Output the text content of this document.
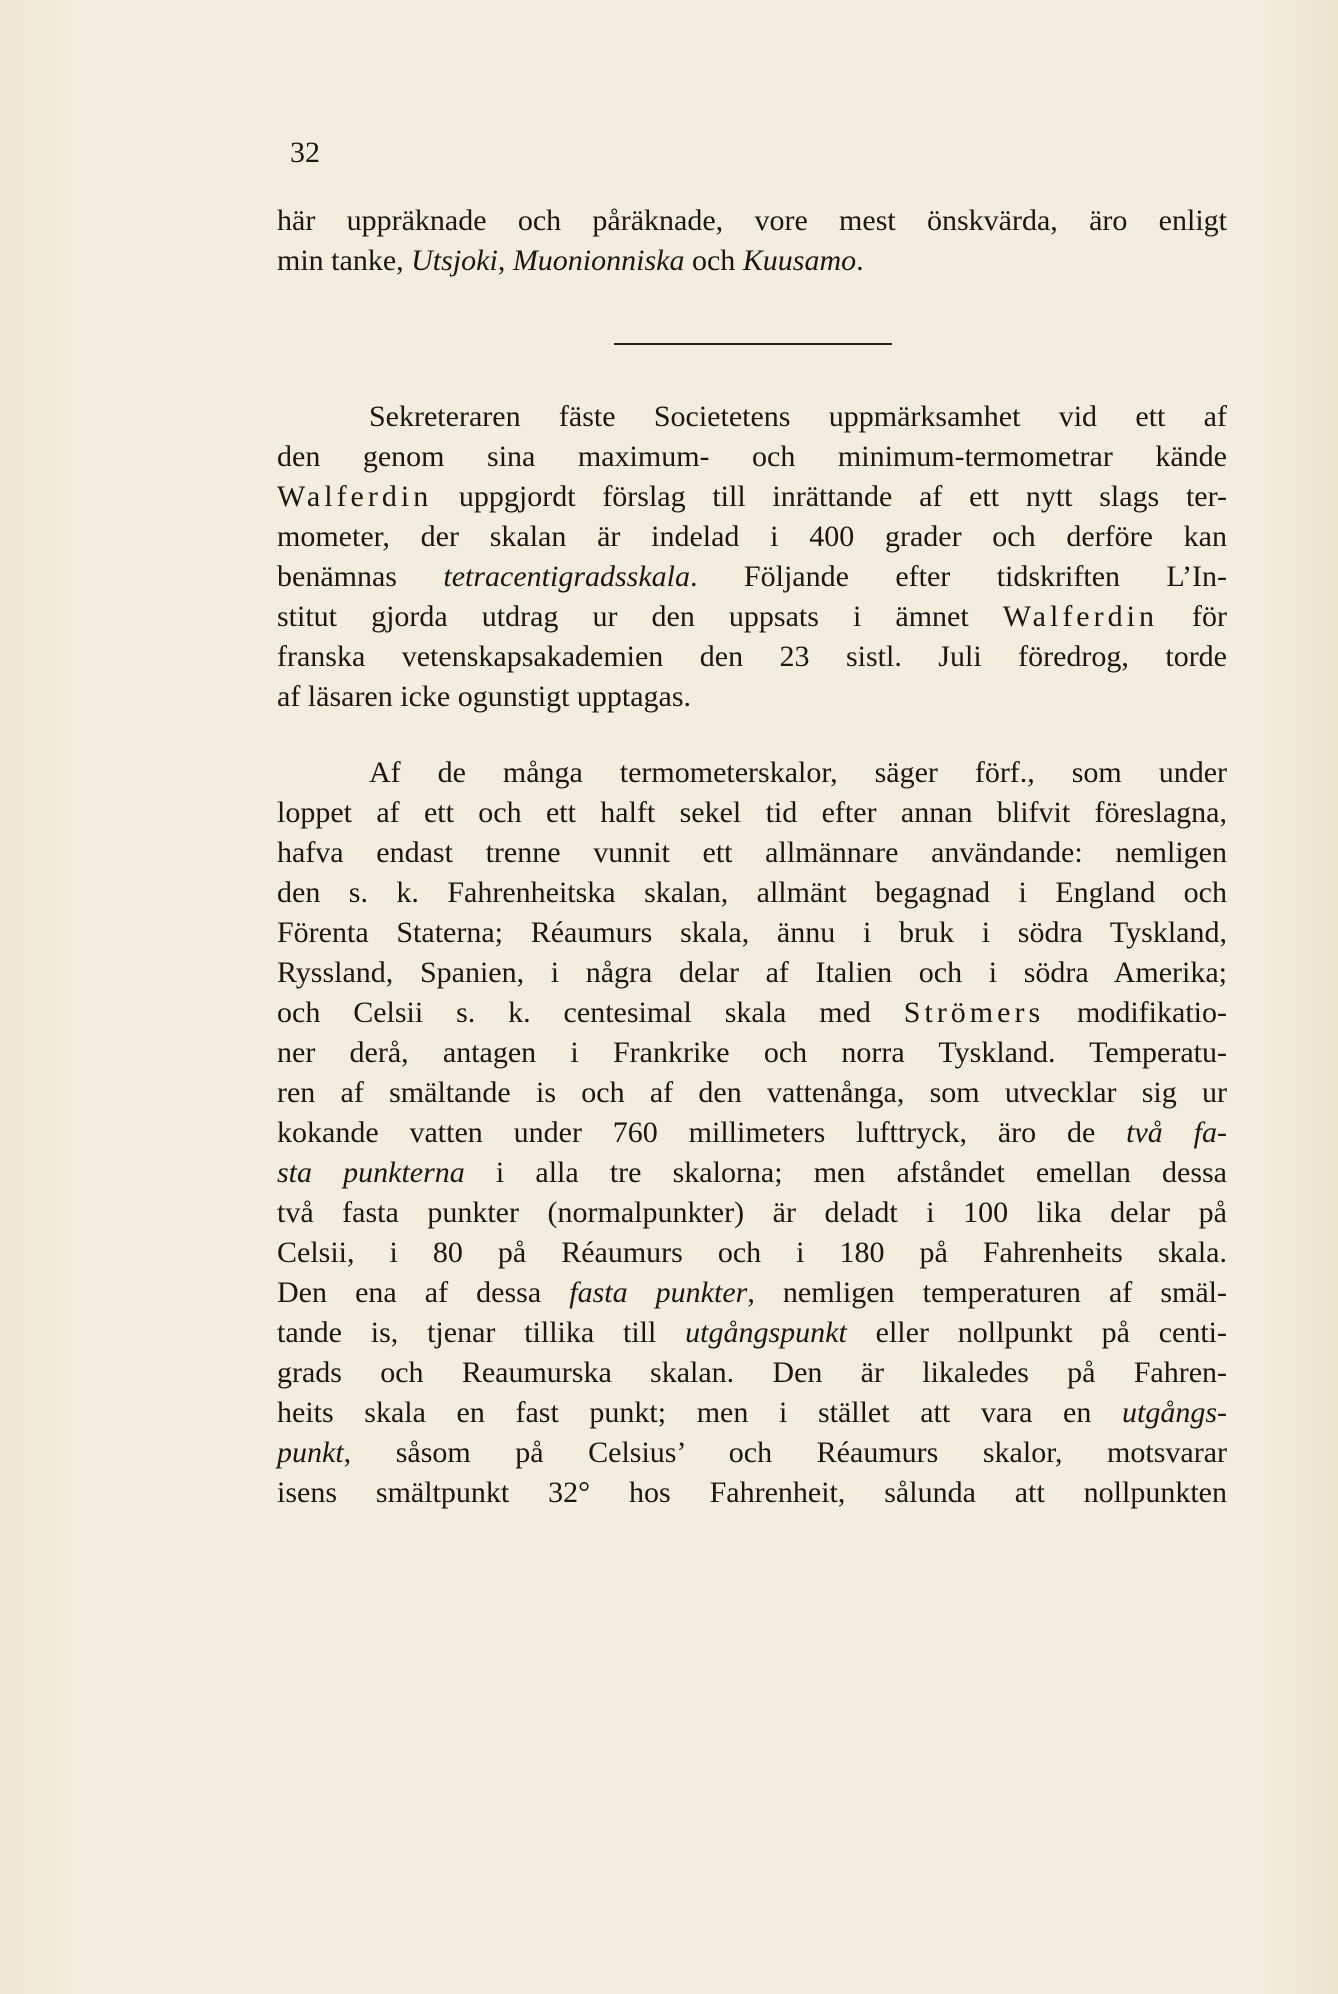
32
här uppräknade och påräknade, vore mest önskvärda, äro enligt
min tanke, Utsjoki, Muonionniska och Kuusamo.
Sekreteraren fäste Societetens uppmärksamhet vid ett af
den genom sina maximum- och minimum-termometrar kände
Walferdin uppgjordt förslag till inrättande af ett nytt slags ter-
mometer, der skalan är indelad i 400 grader och derföre kan
benämnas tetracentigradsskala. Följande efter tidskriften L’In-
stitut gjorda utdrag ur den uppsats i ämnet Walferdin för
franska vetenskapsakademien den 23 sistl. Juli föredrog, torde
af läsaren icke ogunstigt upptagas.
Af de många termometerskalor, säger förf., som under
loppet af ett och ett halft sekel tid efter annan blifvit föreslagna,
hafva endast trenne vunnit ett allmännare användande: nemligen
den s. k. Fahrenheitska skalan, allmänt begagnad i England och
Förenta Staterna; Réaumurs skala, ännu i bruk i södra Tyskland,
Ryssland, Spanien, i några delar af Italien och i södra Amerika;
och Celsii s. k. centesimal skala med Strömers modifikatio-
ner derå, antagen i Frankrike och norra Tyskland. Temperatu-
ren af smältande is och af den vattenånga, som utvecklar sig ur
kokande vatten under 760 millimeters lufttryck, äro de två fa-
sta punkterna i alla tre skalorna; men afståndet emellan dessa
två fasta punkter (normalpunkter) är deladt i 100 lika delar på
Celsii, i 80 på Réaumurs och i 180 på Fahrenheits skala.
Den ena af dessa fasta punkter, nemligen temperaturen af smäl-
tande is, tjenar tillika till utgångspunkt eller nollpunkt på centi-
grads och Reaumurska skalan. Den är likaledes på Fahren-
heits skala en fast punkt; men i stället att vara en utgångs-
punkt, såsom på Celsius’ och Réaumurs skalor, motsvarar
isens smältpunkt 32° hos Fahrenheit, sålunda att nollpunkten
